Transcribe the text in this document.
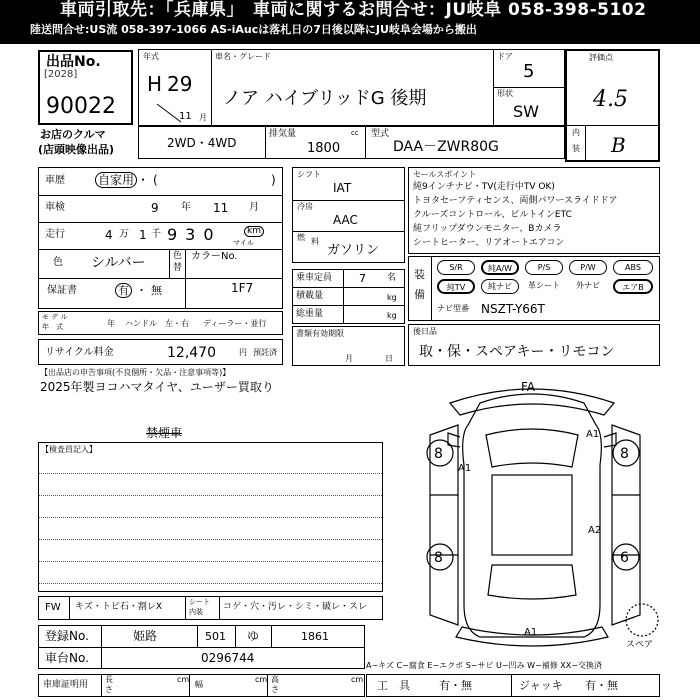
車両引取先：「兵庫県」　車両に関するお問合せ：JU岐阜 058-398-5102
陸送問合せ:US流 058-397-1066 AS-iAucは落札日の7日後以降にJU岐阜会場から搬出
出品No.
[2028]
90022
年式
H 29
11 月
車名・グレード
ノア ハイブリッドG 後期
ドア
5
形状
SW
評価点
4.5
内
装 B
お店のクルマ
(店頭映像出品)	2WD・4WD
排気量	cc
1800
型式
DAA－ZWR80G
車歴	自家用 ・ (	)
車検	9 年 11 月
走行	4 万 1 千 930	km
マイル
色 シルバー	色
替
カラーNo.
1F7
保証書	有 ・ 無
モ デ ル
年　式	年 ハンドル　左・右 ディーラー・並行
リサイクル料金	12,470	円 預託済
シフト
IAT
冷房
AAC
燃 料
ガソリン
乗車定員 7 名
積載量	kg
総重量	kg
書類有効期限
月	日
セールスポイント
純9インチナビ・TV(走行中TV OK)
トヨタセーフティセンス、両側パワースライドドア
クルーズコントロール、ビルトインETC
純フリップダウンモニター、Bカメラ
シートヒーター、リアオートエアコン
装
備
S/R	純A/W	P/S	P/W	ABS
純TV	純ナビ	革シート	外ナビ	エアB
ナビ型番 NSZT-Y66T
後日品
取・保・スペアキー・リモコン
【出品店の申告事項(不良個所・欠品・注意事項等)】
2025年製ヨコハマタイヤ、ユーザー買取り
禁煙車
【検査員記入】
FW キズ・トビ石・割レX	シート
内装 コゲ・穴・汚レ・シミ・破レ・スレ
登録No.	姫路	501 ゆ	1861
車台No.	0296744
車庫証明用
長
さ
cm
幅
cm 高
さ
cm
A−キズ C−腐食 E−エクボ S−サビ U−凹み W−補修 XX−交換済
工　具	有・無	ジャッキ 有・無
FA
8	8
8	6
A1
A1
A2
A1
スペア
